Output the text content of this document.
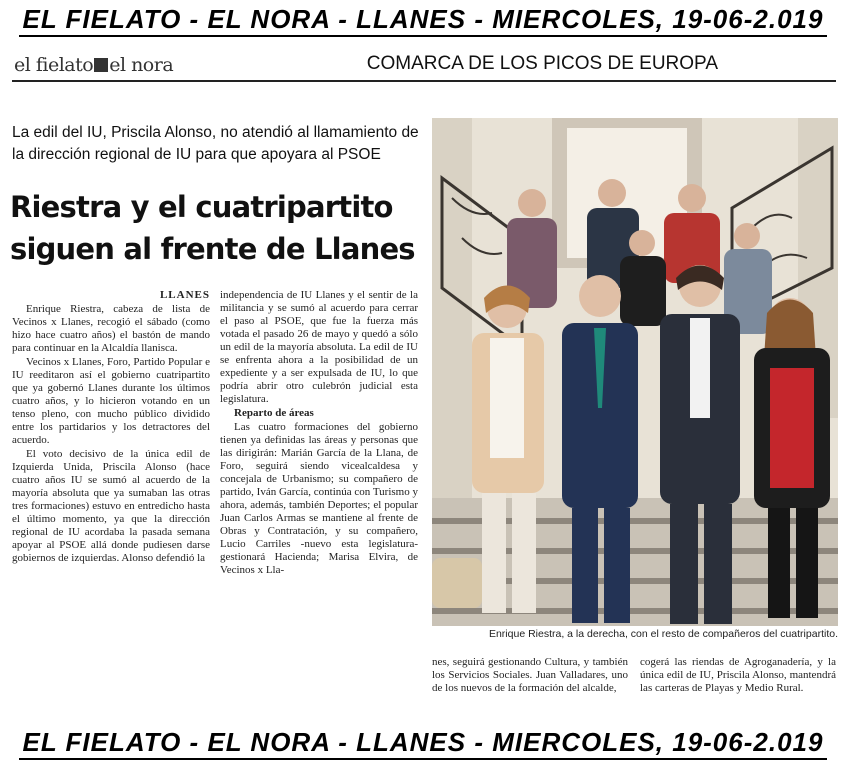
EL FIELATO - EL NORA - LLANES - MIERCOLES, 19-06-2.019
el fielato el nora	COMARCA DE LOS PICOS DE EUROPA
La edil del IU, Priscila Alonso, no atendió al llamamiento de la dirección regional de IU para que apoyara al PSOE
Riestra y el cuatripartito siguen al frente de Llanes

LLANES

Enrique Riestra, cabeza de lista de Vecinos x Llanes, recogió el sábado (como hizo hace cuatro años) el bastón de mando para continuar en la Alcaldía llanisca.

Vecinos x Llanes, Foro, Partido Popular e IU reeditaron así el gobierno cuatripartito que ya gobernó Llanes durante los últimos cuatro años, y lo hicieron votando en un tenso pleno, con mucho público dividido entre los partidarios y los detractores del acuerdo.

El voto decisivo de la única edil de Izquierda Unida, Priscila Alonso (hace cuatro años IU se sumó al acuerdo de la mayoría absoluta que ya sumaban las otras tres formaciones) estuvo en entredicho hasta el último momento, ya que la dirección regional de IU acordaba la pasada semana apoyar al PSOE allá donde pudiesen darse gobiernos de izquierdas. Alonso defendió la

independencia de IU Llanes y el sentir de la militancia y se sumó al acuerdo para cerrar el paso al PSOE, que fue la fuerza más votada el pasado 26 de mayo y quedó a sólo un edil de la mayoría absoluta. La edil de IU se enfrenta ahora a la posibilidad de un expediente y a ser expulsada de IU, lo que podría abrir otro culebrón judicial esta legislatura.

Reparto de áreas

Las cuatro formaciones del gobierno tienen ya definidas las áreas y personas que las dirigirán: Marián García de la Llana, de Foro, seguirá siendo vicealcaldesa y concejala de Urbanismo; su compañero de partido, Iván García, continúa con Turismo y ahora, además, también Deportes; el popular Juan Carlos Armas se mantiene al frente de Obras y Contratación, y su compañero, Lucio Carriles -nuevo esta legislatura- gestionará Hacienda; Marisa Elvira, de Vecinos x Lla-

Enrique Riestra, a la derecha, con el resto de compañeros del cuatripartito.

nes, seguirá gestionando Cultura, y también los Servicios Sociales. Juan Valladares, uno de los nuevos de la formación del alcalde,

cogerá las riendas de Agroganadería, y la única edil de IU, Priscila Alonso, mantendrá las carteras de Playas y Medio Rural.

EL FIELATO - EL NORA - LLANES - MIERCOLES, 19-06-2.019
